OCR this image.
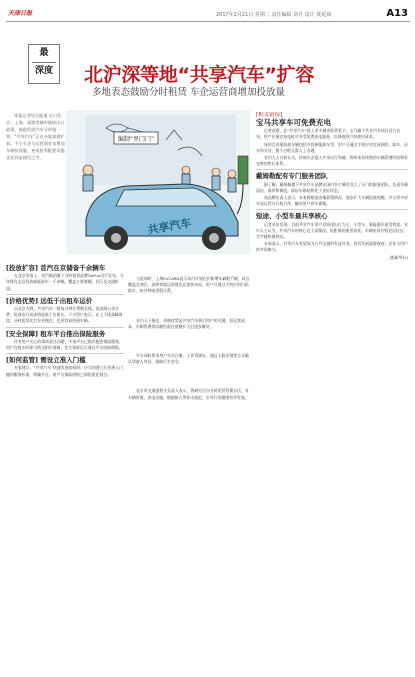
天津日报	2017年2月21日 星期二 责任编辑 刘丹 设计 聂延璋	A13
最
深度	北沪深等地“共享汽车”扩容
多地表态鼓励分时租赁 车企运营商增加投放量
本报记者综合报道 近日北京、上海、深圳等城市陆续出台政策，鼓励发展汽车分时租赁，“共享汽车”正在多地加速扩容。不少车企与运营商宣布增加车辆投放量，充电桩等配套设施也在同步建设之中。
编制“里门门”
共享汽车
[投放扩容] 首汽在京储备千余辆车

在北京市场上，首汽集团旗下分时租赁品牌GoFun出行宣布，今年将在北京投放新能源车一千余辆，覆盖主要商圈、社区及交通枢纽。

[价格优势] 远低于出租车运价

以北京为例，共享汽车一般每分钟计费数毛钱，再加每公里计费，短途出行成本明显低于出租车。不少用户表示，在上下班高峰时段，分时租赁比打车更便宜，也更容易找到车辆。

[安全保障] 租车平台推出保险服务

针对用户关心的事故责任问题，多家平台已推出配套保险服务，用户在租车时即可购买相应保障，发生事故后可通过平台协助理赔。

[如何监管] 需设立准入门槛

专家建议，“共享汽车”快速发展的同时，应尽快建立行业准入门槛和服务标准，明确平台、用户与保险机构之间的责任划分。

与此同时，上海EVCARD表示年内计划在沪新增车辆数千辆，网点覆盖至郊区。深圳等地运营商也在加快布局，用户可通过手机应用扫码取车，按分钟或里程计费。

业内人士指出，价格优势是共享汽车吸引用户的关键，但运营成本、车辆管理等问题仍需在规模扩大后逐步解决。

平台同时要求用户实名注册、上传驾驶证，通过人脸识别等方式确认驾驶人身份，保障行车安全。

北京市交通委相关负责人表示，将研究出台分时租赁管理办法，对车辆停放、充电设施、数据接入等作出规范，引导行业健康有序发展。

[相关链接]
宝马共享车可免费充电

记者获悉，在“共享汽车”进入更多城市的背景下，宝马旗下共享汽车项目近日宣布，用户在指定充电桩可享受免费充电服务，以降低用户的使用成本。

该项目首批投放车辆包括多款新能源车型，用户可通过手机应用完成预约、取车、还车和支付，整个过程无需人工办理。

业内人士分析认为，传统车企进入共享出行领域，将带来更成熟的车辆管理经验和更完善的售后体系。

戴姆勒配有专门服务团队

据了解，戴姆勒旗下共享汽车品牌在国内多个城市设立了专门的服务团队，负责车辆清洁、保养和调度，保证车辆始终处于良好状态。

该品牌负责人表示，未来将根据各地政策情况，逐步扩大车辆投放规模，并与更多停车场运营方开展合作，解决用户停车难题。

短途、小型车最共享核心

记者采访发现，目前共享汽车用户以短途出行为主，小型车、新能源车最受欢迎。业内人士认为，共享汽车的核心在于高频次、短距离的使用场景，车辆布局应贴近居民区、写字楼和地铁站。

专家表示，共享汽车有望成为公共交通的有益补充，但其发展需要政府、企业与用户的共同参与。

(据新华社)
